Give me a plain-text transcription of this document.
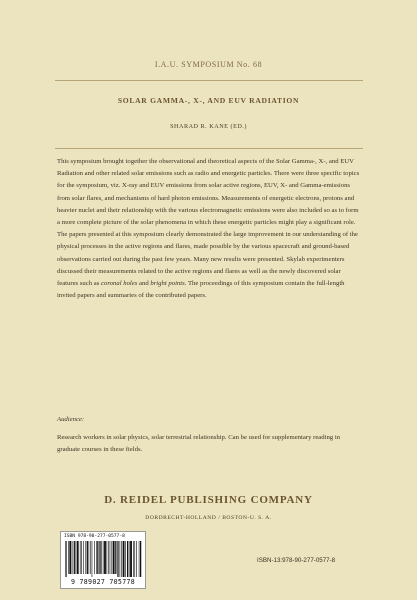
I.A.U. SYMPOSIUM No. 68
SOLAR GAMMA-, X-, AND EUV RADIATION
SHARAD R. KANE (ED.)

This symposium brought together the observational and theoretical aspects of the Solar Gamma-, X-, and EUV Radiation and other related solar emissions such as radio and energetic particles. There were three specific topics for the symposium, viz. X-ray and EUV emissions from solar active regions, EUV, X- and Gamma-emissions from solar flares, and mechanisms of hard photon emissions. Measurements of energetic electrons, protons and heavier nuclei and their relationship with the various electromagnetic emissions were also included so as to form a more complete picture of the solar phenomena in which these energetic particles might play a significant role. The papers presented at this symposium clearly demonstrated the large improvement in our understanding of the physical processes in the active regions and flares, made possible by the various spacecraft and ground-based observations carried out during the past few years. Many new results were presented. Skylab experimenters discussed their measurements related to the active regions and flares as well as the newly discovered solar features such as coronal holes and bright points. The proceedings of this symposium contain the full-length invited papers and summaries of the contributed papers.

Audience:
Research workers in solar physics, solar terrestrial relationship. Can be used for supplementary reading in graduate courses in these fields.
D. REIDEL PUBLISHING COMPANY
DORDRECHT-HOLLAND / BOSTON-U. S. A.
ISBN 978-90-277-0577-8
9 789027 705778
ISBN-13:978-90-277-0577-8
